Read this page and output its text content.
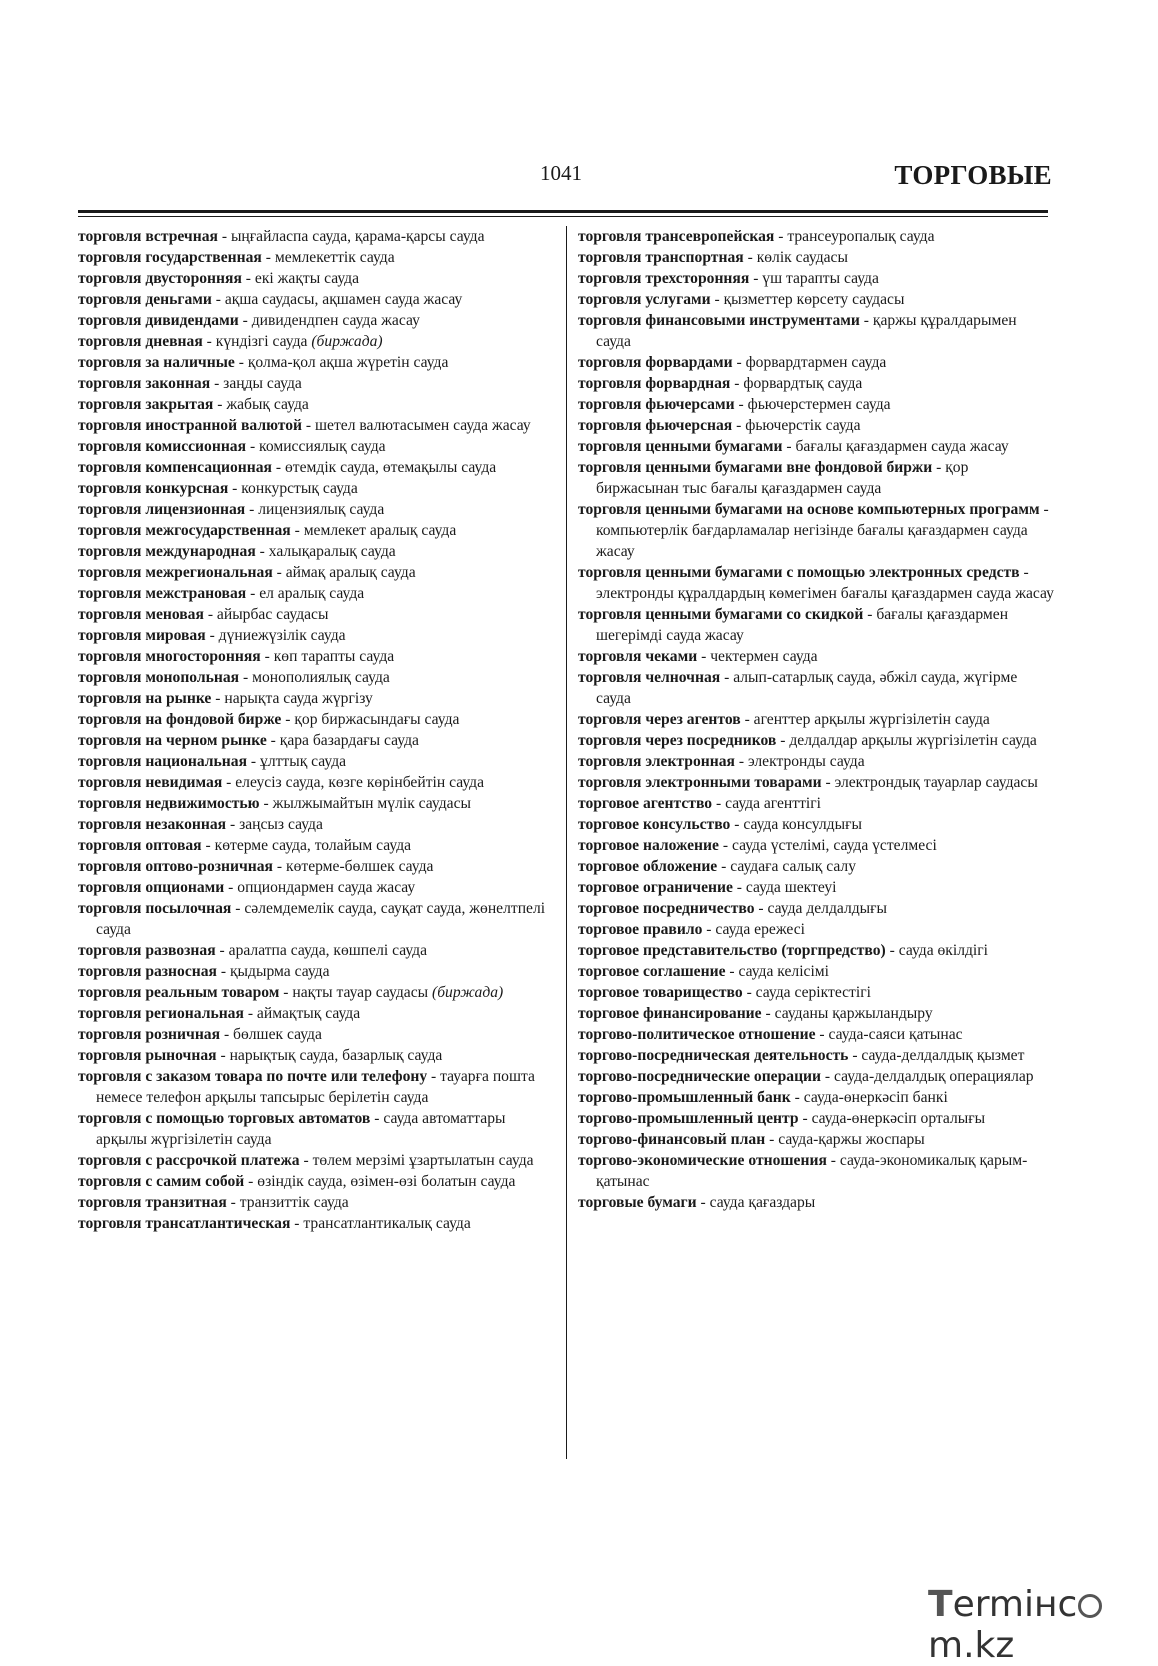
1041	ТОРГОВЫЕ

торговля встречная - ыңғайласпа сауда, қарама-қарсы сауда

торговля государственная - мемлекеттік сауда

торговля двусторонняя - екі жақты сауда

торговля деньгами - ақша саудасы, ақшамен сауда жасау

торговля дивидендами - дивидендпен сауда жасау

торговля дневная - күндізгі сауда (биржада)

торговля за наличные - қолма-қол ақша жүретін сауда

торговля законная - заңды сауда

торговля закрытая - жабық сауда

торговля иностранной валютой - шетел валютасымен сауда жасау

торговля комиссионная - комиссиялық сауда

торговля компенсационная - өтемдік сауда, өтемақылы сауда

торговля конкурсная - конкурстық сауда

торговля лицензионная - лицензиялық сауда

торговля межгосударственная - мемлекет аралық сауда

торговля международная - халықаралық сауда

торговля межрегиональная - аймақ аралық сауда

торговля межстрановая - ел аралық сауда

торговля меновая - айырбас саудасы

торговля мировая - дүниежүзілік сауда

торговля многосторонняя - көп тарапты сауда

торговля монопольная - монополиялық сауда

торговля на рынке - нарықта сауда жүргізу

торговля на фондовой бирже - қор биржасындағы сауда

торговля на черном рынке - қара базардағы сауда

торговля национальная - ұлттық сауда

торговля невидимая - елеусіз сауда, көзге көрінбейтін сауда

торговля недвижимостью - жылжымайтын мүлік саудасы

торговля незаконная - заңсыз сауда

торговля оптовая - көтерме сауда, толайым сауда

торговля оптово-розничная - көтерме-бөлшек сауда

торговля опционами - опциондармен сауда жасау

торговля посылочная - сәлемдемелік сауда, сауқат сауда, жөнелтпелі сауда

торговля развозная - аралатпа сауда, көшпелі сауда

торговля разносная - қыдырма сауда

торговля реальным товаром - нақты тауар саудасы (биржада)

торговля региональная - аймақтық сауда

торговля розничная - бөлшек сауда

торговля рыночная - нарықтық сауда, базарлық сауда

торговля с заказом товара по почте или телефону - тауарға пошта немесе телефон арқылы тапсырыс берілетін сауда

торговля с помощью торговых автоматов - сауда автоматтары арқылы жүргізілетін сауда

торговля с рассрочкой платежа - төлем мерзімі ұзартылатын сауда

торговля с самим собой - өзіндік сауда, өзімен-өзі болатын сауда

торговля транзитная - транзиттік сауда

торговля трансатлантическая - трансатлантикалық сауда

торговля трансевропейская - трансеуропалық сауда

торговля транспортная - көлік саудасы

торговля трехсторонняя - үш тарапты сауда

торговля услугами - қызметтер көрсету саудасы

торговля финансовыми инструментами - қаржы құралдарымен сауда

торговля форвардами - форвардтармен сауда

торговля форвардная - форвардтық сауда

торговля фьючерсами - фьючерстермен сауда

торговля фьючерсная - фьючерстік сауда

торговля ценными бумагами - бағалы қағаздармен сауда жасау

торговля ценными бумагами вне фондовой биржи - қор биржасынан тыс бағалы қағаздармен сауда

торговля ценными бумагами на основе компьютерных программ - компьютерлік бағдарламалар негізінде бағалы қағаздармен сауда жасау

торговля ценными бумагами с помощью электронных средств - электронды құралдардың көмегімен бағалы қағаздармен сауда жасау

торговля ценными бумагами со скидкой - бағалы қағаздармен шегерімді сауда жасау

торговля чеками - чектермен сауда

торговля челночная - алып-сатарлық сауда, әбжіл сауда, жүгірме сауда

торговля через агентов - агенттер арқылы жүргізілетін сауда

торговля через посредников - делдалдар арқылы жүргізілетін сауда

торговля электронная - электронды сауда

торговля электронными товарами - электрондық тауарлар саудасы

торговое агентство - сауда агенттігі

торговое консульство - сауда консулдығы

торговое наложение - сауда үстелімі, сауда үстелмесі

торговое обложение - саудаға салық салу

торговое ограничение - сауда шектеуі

торговое посредничество - сауда делдалдығы

торговое правило - сауда ережесі

торговое представительство (торгпредство) - сауда өкілдігі

торговое соглашение - сауда келісімі

торговое товарищество - сауда серіктестігі

торговое финансирование - сауданы қаржыландыру

торгово-политическое отношение - сауда-саяси қатынас

торгово-посредническая деятельность - сауда-делдалдық қызмет

торгово-посреднические операции - сауда-делдалдық операциялар

торгово-промышленный банк - сауда-өнеркәсіп банкі

торгово-промышленный центр - сауда-өнеркәсіп орталығы

торгово-финансовый план - сауда-қаржы жоспары

торгово-экономические отношения - сауда-экономикалық қарым-қатынас

торговые бумаги - сауда қағаздары

Termінcm.kz
